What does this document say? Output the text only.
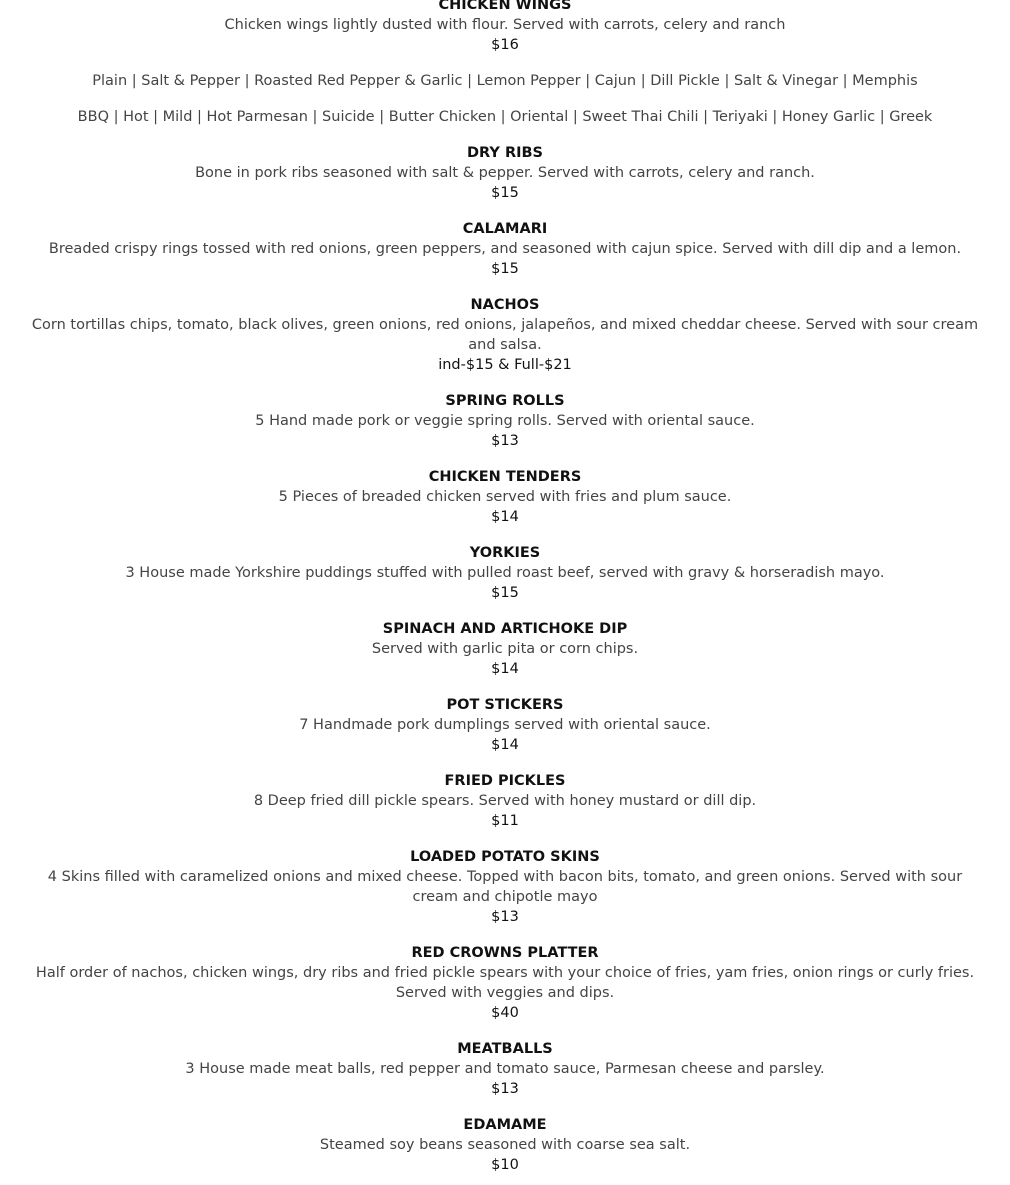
CHICKEN WINGS
Chicken wings lightly dusted with flour. Served with carrots, celery and ranch
$16
Plain | Salt & Pepper | Roasted Red Pepper & Garlic | Lemon Pepper | Cajun | Dill Pickle | Salt & Vinegar | Memphis
BBQ | Hot | Mild | Hot Parmesan | Suicide | Butter Chicken | Oriental | Sweet Thai Chili | Teriyaki | Honey Garlic | Greek
DRY RIBS
Bone in pork ribs seasoned with salt & pepper. Served with carrots, celery and ranch.
$15
CALAMARI
Breaded crispy rings tossed with red onions, green peppers, and seasoned with cajun spice. Served with dill dip and a lemon.
$15
NACHOS
Corn tortillas chips, tomato, black olives, green onions, red onions, jalapeños, and mixed cheddar cheese. Served with sour cream and salsa.
ind-$15 & Full-$21
SPRING ROLLS
5 Hand made pork or veggie spring rolls. Served with oriental sauce.
$13
CHICKEN TENDERS
5 Pieces of breaded chicken served with fries and plum sauce.
$14
YORKIES
3 House made Yorkshire puddings stuffed with pulled roast beef, served with gravy & horseradish mayo.
$15
SPINACH AND ARTICHOKE DIP
Served with garlic pita or corn chips.
$14
POT STICKERS
7 Handmade pork dumplings served with oriental sauce.
$14
FRIED PICKLES
8 Deep fried dill pickle spears. Served with honey mustard or dill dip.
$11
LOADED POTATO SKINS
4 Skins filled with caramelized onions and mixed cheese. Topped with bacon bits, tomato, and green onions. Served with sour cream and chipotle mayo
$13
RED CROWNS PLATTER
Half order of nachos, chicken wings, dry ribs and fried pickle spears with your choice of fries, yam fries, onion rings or curly fries. Served with veggies and dips.
$40
MEATBALLS
3 House made meat balls, red pepper and tomato sauce, Parmesan cheese and parsley.
$13
EDAMAME
Steamed soy beans seasoned with coarse sea salt.
$10
